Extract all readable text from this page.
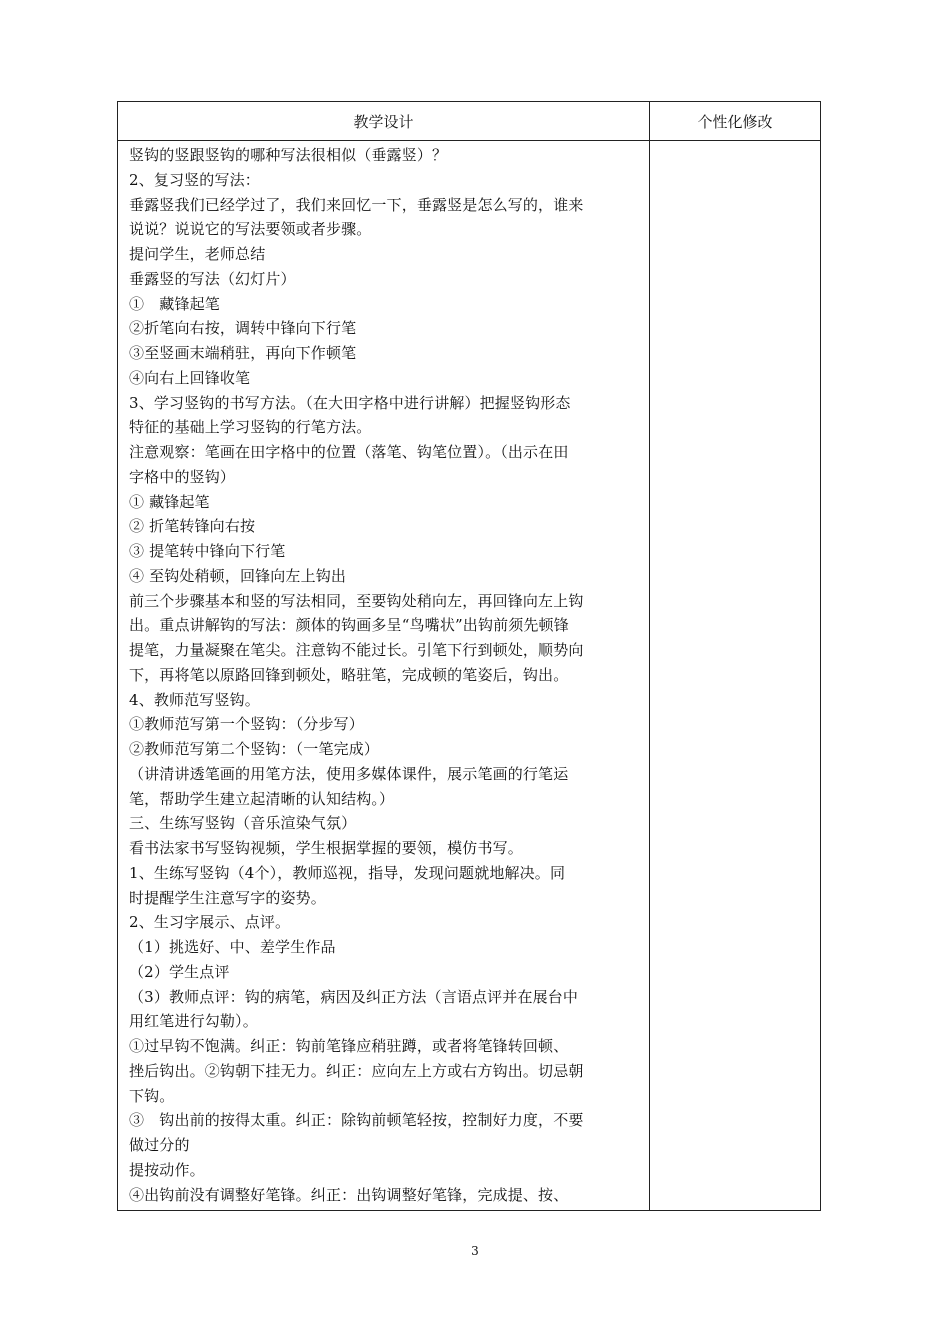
教学设计	个性化修改

竖钩的竖跟竖钩的哪种写法很相似（垂露竖）？

2、复习竖的写法：

垂露竖我们已经学过了，我们来回忆一下，垂露竖是怎么写的，谁来

说说？说说它的写法要领或者步骤。

提问学生，老师总结

垂露竖的写法（幻灯片）

①　藏锋起笔

②折笔向右按，调转中锋向下行笔

③至竖画末端稍驻，再向下作顿笔

④向右上回锋收笔

3、学习竖钩的书写方法。（在大田字格中进行讲解）把握竖钩形态

特征的基础上学习竖钩的行笔方法。

注意观察：笔画在田字格中的位置（落笔、钩笔位置）。（出示在田

字格中的竖钩）

① 藏锋起笔

② 折笔转锋向右按

③ 提笔转中锋向下行笔

④ 至钩处稍顿，回锋向左上钩出

前三个步骤基本和竖的写法相同，至要钩处稍向左，再回锋向左上钩

出。重点讲解钩的写法：颜体的钩画多呈“鸟嘴状”出钩前须先顿锋

提笔，力量凝聚在笔尖。注意钩不能过长。引笔下行到顿处，顺势向

下，再将笔以原路回锋到顿处，略驻笔，完成顿的笔姿后，钩出。

4、教师范写竖钩。

①教师范写第一个竖钩：（分步写）

②教师范写第二个竖钩：（一笔完成）

（讲清讲透笔画的用笔方法，使用多媒体课件，展示笔画的行笔运

笔，帮助学生建立起清晰的认知结构。）

三、生练写竖钩（音乐渲染气氛）

看书法家书写竖钩视频，学生根据掌握的要领，模仿书写。

1、生练写竖钩（4个），教师巡视，指导，发现问题就地解决。同

时提醒学生注意写字的姿势。

2、生习字展示、点评。

（1）挑选好、中、差学生作品

（2）学生点评

（3）教师点评：钩的病笔，病因及纠正方法（言语点评并在展台中

用红笔进行勾勒）。

①过早钩不饱满。纠正：钩前笔锋应稍驻蹲，或者将笔锋转回顿、

挫后钩出。②钩朝下挂无力。纠正：应向左上方或右方钩出。切忌朝

下钩。

③　钩出前的按得太重。纠正：除钩前顿笔轻按，控制好力度，不要

做过分的

提按动作。

④出钩前没有调整好笔锋。纠正：出钩调整好笔锋，完成提、按、

3
